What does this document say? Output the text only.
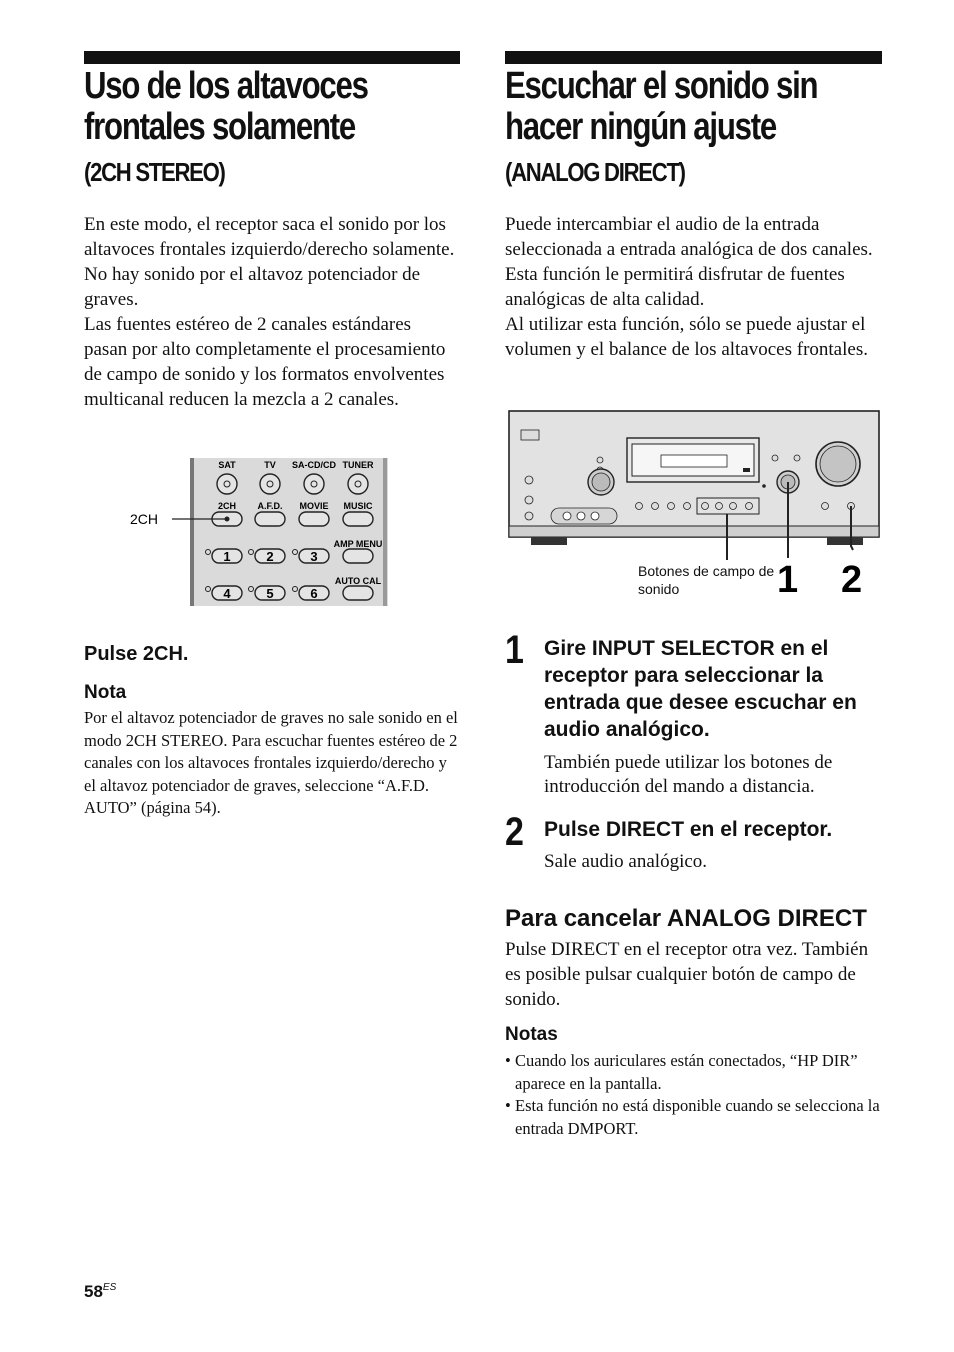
Uso de los altavoces
frontales solamente
(2CH STEREO)

En este modo, el receptor saca el sonido por los altavoces frontales izquierdo/derecho solamente. No hay sonido por el altavoz potenciador de graves.

Las fuentes estéreo de 2 canales estándares pasan por alto completamente el procesamiento de campo de sonido y los formatos envolventes multicanal reducen la mezcla a 2 canales.

SAT	TV SA-CD/CD TUNER
2CH A.F.D. MOVIE MUSIC
AMP MENU
1	2	3
AUTO CAL
4	5	6
2CH
Pulse 2CH.
Nota
Por el altavoz potenciador de graves no sale sonido en el modo 2CH STEREO. Para escuchar fuentes estéreo de 2 canales con los altavoces frontales izquierdo/derecho y el altavoz potenciador de graves, seleccione “A.F.D. AUTO” (página 54).
Escuchar el sonido sin
hacer ningún ajuste
(ANALOG DIRECT)

Puede intercambiar el audio de la entrada seleccionada a entrada analógica de dos canales. Esta función le permitirá disfrutar de fuentes analógicas de alta calidad.

Al utilizar esta función, sólo se puede ajustar el volumen y el balance de los altavoces frontales.

1 2
Botones de campo de sonido
1 Gire INPUT SELECTOR en el receptor para seleccionar la entrada que desee escuchar en audio analógico.
También puede utilizar los botones de introducción del mando a distancia.
2 Pulse DIRECT en el receptor.
Sale audio analógico.
Para cancelar ANALOG DIRECT
Pulse DIRECT en el receptor otra vez. También es posible pulsar cualquier botón de campo de sonido.
Notas
• Cuando los auriculares están conectados, “HP DIR” aparece en la pantalla.
• Esta función no está disponible cuando se selecciona la entrada DMPORT.
$58^{ES}$
